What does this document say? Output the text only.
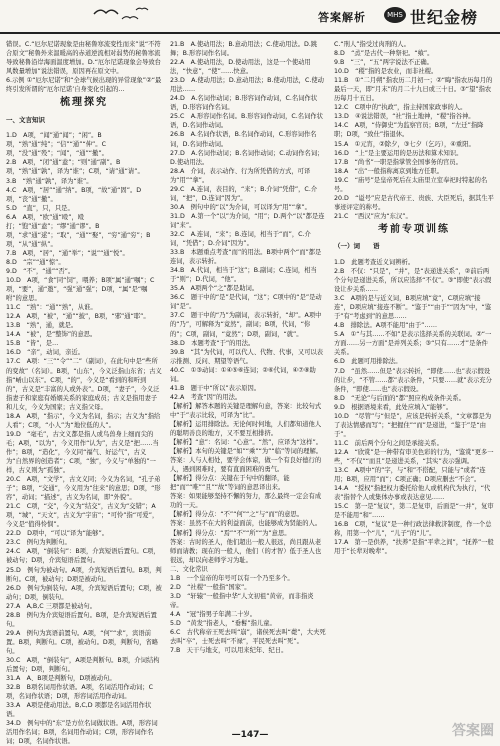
答案解析	MHS 世纪金榜

错误。C.“厄尔尼诺现象是由秘鲁寒流变性而来”说“不符合原文”秘鲁外来温暖高的赤道逆流相对弱势的秘鲁寒流导致秘鲁沿岸海面温度增加。D.“厄尔尼诺现象会导致台风数量增加”说法错误，原因再在原文中。

6.示例 ①“厄尔尼诺”和“全球气候出现的异常现象”②“最终引发所谓的“厄尔尼诺’自身变化引起的…

梳理探究

一、文言知识

1.D　A项，“闻”通“闻”；“闲”。B项，“熟”通“纯”；“信”“通”“伸”。C项，“没”通“殁”；“闻”，“通”“撤”。

2.B　A项，“闭”通“盍”；“则”通“副”。B项，“熟”通“孰”，译为“谁”；C项，“请”通“请”。

3.B　“熟”通“孰”，译为“谁”。

4.C　A项，“居”“通“纳”。B项，“故”通“固”。D项，“丧”通“撤”。

5.D　“直”，只，只是。

6.A　A项，“欧”通“殴”，殴打；“饱”通“盍”；“缪”通“谬”。B项，“求”通“逑”；“取”，“通”“娶”，“穷”通“穷”；B项，“从”通“纵”。

7.B　A项，“居”，“通“举”；“说”“通“悦”。

8.D　“宗”“通“惊”。

9.D　“不”，“通”“否”。

10.D　A项，“食”同“饲”，喂养；B项“属”通“嘱”；C项，“要”，通“邀”，“强”通“强”；D项，“属”是“嘱咐”的意思。

11.C　“熟”：“通”“熟”，从谁。

12.A　A项，“被”，“通”“披”，B项，“邪”通“耶”。

13.B　“熟”，通，就是。

14.A　“被”，是“整饰”的意思。

15.B　“皆”，是…

16.D　“亲”，动词，亲近。

17.C　A项：“三”“令”“二”（副词），在此句中是“些所的变故”（名词）。B项，“山东”，今义泛指山东省；古义指“崤山以东”。C项，“的”，今义是“看到的和听到的”，古义是“丰富的人或外表”。D项，“妻子”，今义泛指妻子和家庭有婚姻关系的家庭成员；古义是指用妻子和儿女，今义为国家；古义指父母。

18.A　A项，“指示”，今义为名词，指示；古义为“指给人看”；C项，“小人”为“地位低的人”。

19.D　“毫毛”，古文义都是指人或鸟兽身上细而尖的毛；A项，“以为”，今义用作“认为”，古义是“把……当作”；B项，“造化”，今义同“福气、好运气”，古义为“自然界的创造者”；C项，“独”，今义与“单独的”一样，古义则为“孤独”。

20.C　A项，“文学”，古文义同；今义为名词，“孔子弟子”；B项，“交通”，今义用为“往来”的意思；D项，“形容”，动词；“描述”，古义为名词，即“外貌”。

21.C　C项，“交”，今义为“结交”，古义为“交错”；A项，“城”，“天文”，古义为“宇宙”；“可怜”指“可爱”，今义是“值得怜悯”。

22.D　D项中，“可以”译为“能够”。

23.C　例句为判断句。

24.C　A项，“倒装句”：B项，介宾短语后置句。C项，被动句；D项，介宾短语后置句。

25.D　例句为被动句。A项，介宾短语后置句。B项，判断句。C项，被动句；D项是被动句。

26.D　例句为倒装句。A项，介宾短语后置句；C项，被动句；D项，倒装句。

27.A　A,B,C 三项都是被动句。

28.B　例句为介宾短语后置句。B项，是介宾短语后置句。

29.A　例句为宾语前置句。A项，“何”“求”，宾语前置。B项，判断句。C项，被动句。D项，判断句，省略句。

30.C　A项，“倒装句”，A项是判断句。B项，介词结构后置句；D项，判断句。

31.A　A、B项是判断句，D项被动句。

32.B　B项名词用作状语。A项，名词活用作动词；C项，名词作状语；D项，形容词活用作动词。

33.A　A项是使动用法。B,C,D 项都是名词活用作状语。

34.D　例句中的“东”是方位名词做状语。A项，形容词活用作名词；B项，名词用作动词；C项，形容词作名词；D项，名词作状语。

21.B　A.使动用法；B.意动用法；C.使动用法。D.跳舞；B.形容词作名词。

22.A　A.使动用法，D.使动用法，这是一个使动用法，“快意”，“使”……快意。

23.D　A.使动用法；D.意动用法；B.使动用法，C.使动用法……

24.D　A.名词作动词；B.形容词作动词，C.名词作状语，D.形容词作名词。

25.C　A.形容词作名词。B.形容词作动词，C.名词作状语，D.名词作动词。

26.B　A.名词作状语，B.名词作动词，C.形容词作名词，D.名词作动词。

27.D　A.名词作动词；B.名词作动词；C.动词作名词；D.使动用法。

28.A　介词，表示动作、行为所凭借的方式，可译为“用”“拿”。

29.C　A.连词，表目的，“来”；B.介词“凭借”，C.介词，“把”，D.连词“因为”。

30.A　例句中的“以”为介词，可以译为“用”“拿”。

31.D　A.第一个“以”为介词，“用”；D.两个“以”都是连词“来”。

32.C　A.连词，“来”；B.连词，相当于“而”，C.介词，“凭借”；D.介词“因为”。

33.B　本题重点考查“而”的用法。B项中两个“而”都是连词，表示转折。

34.B　A.代词，相当于“这”；B.副词；C.连词，相当于“则”；D.代词，“他”。

35.A　A项两个“之”都是助词。

36.C　题干中的“是”是代词，“这”；C项中的“是”是动词“是”。

37.C　题干中的“乃”为副词，表示转折，“却”。A项中的“乃”，可解释为“竟然”，副词；B项，代词，“你的”；C项，副词，“竟然”；D项，副词，“就”。

38.D　本题考查“于”的用法。

39.B　“其”为代词，可以代人、代物、代事，又可以表示推测、反问、期望等语气。

40.C　①③动词：①④⑤⑥连词；②⑥代词，④⑦⑧助词。

41.B　题干中“所以”表示原因。

42.A　考查“因”的用法。

【解析】解答本题的关键是理解句意，答案：比较句式中“于”表示比较，可译为“比”。

【解析】运用排除法。无论何时何地，人们都知道他人的聪明善良的地方，又不要互相排挤。

【解析】“意”：名词：“心意”。“然”，应译为“这样”。

【解析】本句的关键是“如”“乘”“为”“临”等词的理解。

答案：人与人相处，要学会体谅，做一个有良好德行的人，遇到困难时，要有直面困难的勇气。

【解析】得分点：关键在于句中的翻译，能把“而”“唯”“且”“故”等词的意思译出来。

答案：如果能够坚持不懈的努力，那么最终一定会有成功的一天。

【解析】得分点：“不”“何”“之”与“而”的意思。

答案：虽然不在大的利益面前，也能够成为贤能的人。

【解析】得分点：“焉”“不”“所”“为”意思。

答案：古时的圣人，他们超出一般人很远，尚且跟从老师而请教；现在的一般人，他们（的才智）低于圣人也很远，却以向老师学习为耻。

二、文化常识

1.B　一个皇帝的年号可以有一个乃至多个。

2.D　“社稷”一般指“国家”。

3.D　“轩辕”一般指中华“人文初祖”黄帝，而非指炎帝。

4.A　“冠”指男子年满二十岁。

5.D　“黄发”指老人，“垂髫”指儿童。

6.C　古代称帝王死去叫“崩”，诸侯死去叫“薨”，大夫死去叫“卒”，士死去叫“不禄”，平民死去叫“死”。

7.B　天干与地支，可以用来纪年、纪日。

C.“刑人”指受过肉刑的人。

8.D　“烝”是古代一种祭祀。“飨”。

9.B　“三”，“五”两字说法不正确。

10.D　“稷”指的是农业，而非社稷。

11.B　①“二月朔”指农历二月初一；②“晦”指农历每月的最后一天，即“月末”的月二十九日或三十日。③“望”指农历每月十五日。

12.C　C项中的“执政”，指主持国家政事的人。

13.D　④说法错误，“社”指土地神，“稷”指谷神。

14.C　A项，“侍御史”为监察官员；B项，“左迁”指降职；D项，“致仕”指退休。

15.A　①元宵，②除夕，③七夕（乞巧），④重阳。

16.D　“上”是主要运用的是历法和算术知识。

17.B　“尚书”一职是指掌管全国事务的官员。

18.A　“出”一般指称离京到地方任职。

19.C　“庙号”是皇帝死后在太庙里立室奉祀时特起的名号。

20.D　“谥号”应是古代帝王、贵族、大臣死后，据其生平事迹评定的称号。

21.C　“西汉”应为“东汉”。

考前专项训练

（一）词　　语

1.D　此题考查近义词辨析。

2.B　不仅：“只是”，“并”，是“表递进关系”，②前后两个分句是递进关系，所以应选择“不仅”。③“即使”表示假设让步关系……

3.C　A项的是与近义词，B项应填“竟”，C项应填“接连”，D项应填“接连不断”。“鉴于”“由于”“因为”中，“鉴于”有“考虑到”的意思……

4.B　排除法。A项不能用“由于”……

5.A　①“与其……不如”是表示选择关系的关联词。②“一方面……另一方面”是并列关系；③“只有……才”是条件关系。

6.D　此题可用排除法。

7.D　“虽然……但是”表示转折，“即使……也”表示假设的让步，“不管……都”表示条件，“只要……就”表示充分条件，“即使……也”表示假设。

8.D　“无论”与后面的“都”照应构成条件关系。

9.D　根据语境来看，此处应填入“能够”。

10.D　“尽管”与“但是”，应该是转折关系，“文章都是为了表达情感而写”；“把握住”“而”是递进，“鉴于”是“由于”。

11.C　前后两个分句之间是承接关系。

12.A　“欣赏”是一种带有审美色彩的行为，“鉴赏”更多一些，“不仅”“而且”是递进关系，“其实”表示强调。

13.C　A项中“的”字，与“和”不搭配，只能与“或者”连用；B项，应用“而”；C项正确；D项应删去“不会”。

14.A　“授权”指把权力委托给他人或机构代为执行，“代表”指替个人或集体办事或表达意见……

15.C　第一是“复议”，第二是复审，后面是“一并”，复审是不能用“和”……

16.B　C项，“复议”是一种行政法律救济制度，作一个总称，用第一个“儿”，“儿子”的“儿”。

17.A　第一是供养，“扶养”是指“平辈之间”，“抚养”一般用于“长辈对晚辈”。

—147—	答案圈
